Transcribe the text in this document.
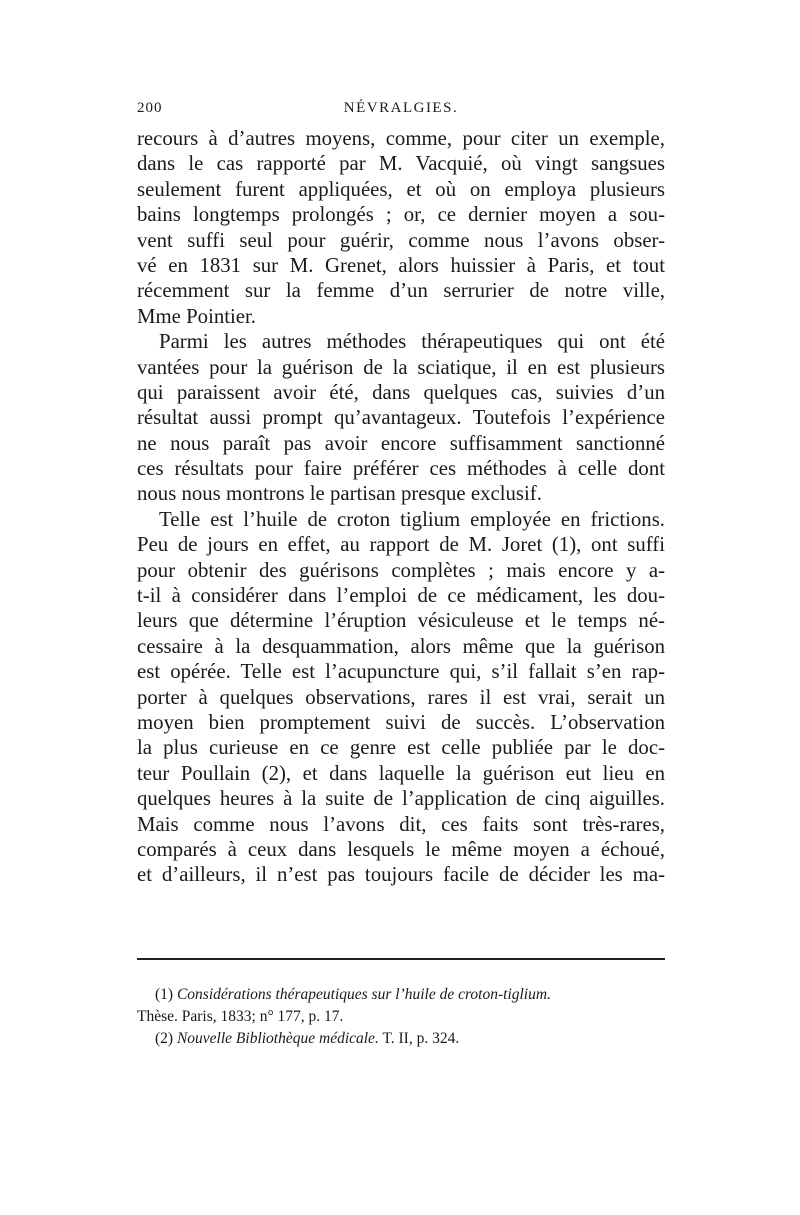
200	NÉVRALGIES.
recours à d’autres moyens, comme, pour citer un exemple,
dans le cas rapporté par M. Vacquié, où vingt sangsues
seulement furent appliquées, et où on employa plusieurs
bains longtemps prolongés ; or, ce dernier moyen a sou-
vent suffi seul pour guérir, comme nous l’avons obser-
vé en 1831 sur M. Grenet, alors huissier à Paris, et tout
récemment sur la femme d’un serrurier de notre ville,
Mme Pointier.
Parmi les autres méthodes thérapeutiques qui ont été
vantées pour la guérison de la sciatique, il en est plusieurs
qui paraissent avoir été, dans quelques cas, suivies d’un
résultat aussi prompt qu’avantageux. Toutefois l’expérience
ne nous paraît pas avoir encore suffisamment sanctionné
ces résultats pour faire préférer ces méthodes à celle dont
nous nous montrons le partisan presque exclusif.
Telle est l’huile de croton tiglium employée en frictions.
Peu de jours en effet, au rapport de M. Joret (1), ont suffi
pour obtenir des guérisons complètes ; mais encore y a-
t-il à considérer dans l’emploi de ce médicament, les dou-
leurs que détermine l’éruption vésiculeuse et le temps né-
cessaire à la desquammation, alors même que la guérison
est opérée. Telle est l’acupuncture qui, s’il fallait s’en rap-
porter à quelques observations, rares il est vrai, serait un
moyen bien promptement suivi de succès. L’observation
la plus curieuse en ce genre est celle publiée par le doc-
teur Poullain (2), et dans laquelle la guérison eut lieu en
quelques heures à la suite de l’application de cinq aiguilles.
Mais comme nous l’avons dit, ces faits sont très-rares,
comparés à ceux dans lesquels le même moyen a échoué,
et d’ailleurs, il n’est pas toujours facile de décider les ma-
(1) Considérations thérapeutiques sur l’huile de croton-tiglium.
Thèse. Paris, 1833; n° 177, p. 17.
(2) Nouvelle Bibliothèque médicale. T. II, p. 324.
